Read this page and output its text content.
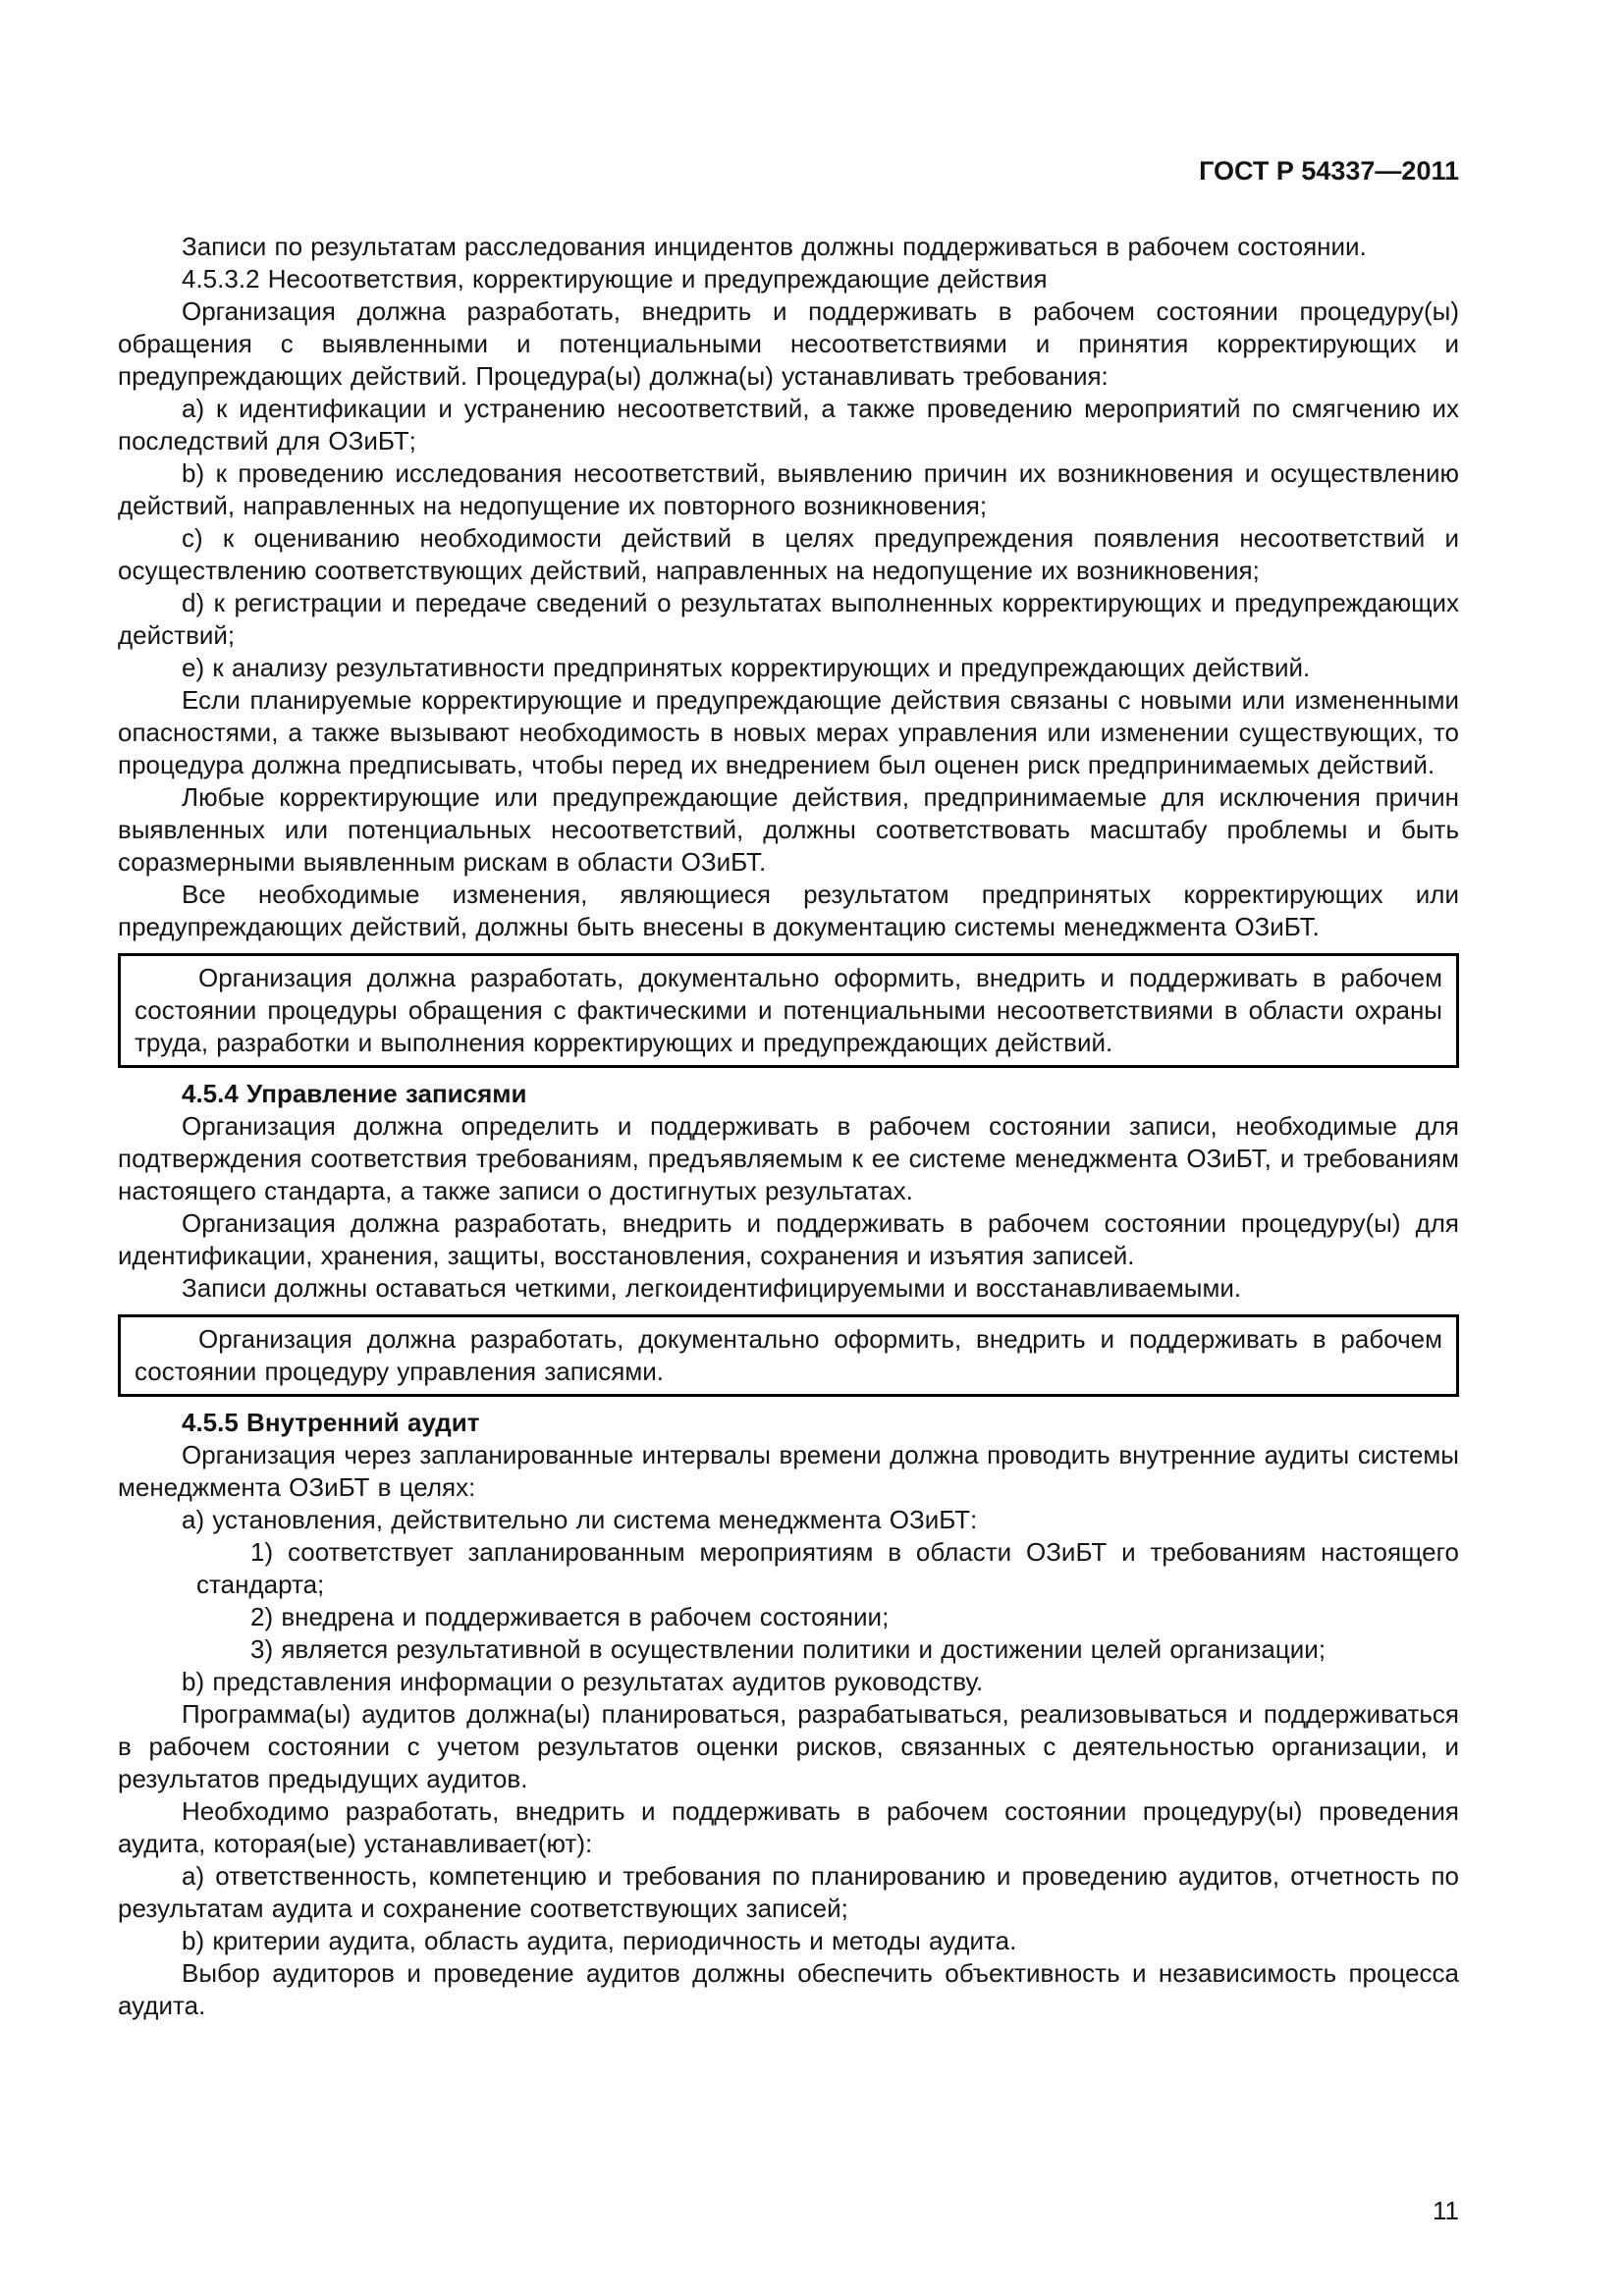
ГОСТ Р 54337—2011

Записи по результатам расследования инцидентов должны поддерживаться в рабочем состоянии.

4.5.3.2 Несоответствия, корректирующие и предупреждающие действия

Организация должна разработать, внедрить и поддерживать в рабочем состоянии процедуру(ы) обращения с выявленными и потенциальными несоответствиями и принятия корректирующих и предупреждающих действий. Процедура(ы) должна(ы) устанавливать требования:

a) к идентификации и устранению несоответствий, а также проведению мероприятий по смягчению их последствий для ОЗиБТ;

b) к проведению исследования несоответствий, выявлению причин их возникновения и осуществлению действий, направленных на недопущение их повторного возникновения;

c) к оцениванию необходимости действий в целях предупреждения появления несоответствий и осуществлению соответствующих действий, направленных на недопущение их возникновения;

d) к регистрации и передаче сведений о результатах выполненных корректирующих и предупреждающих действий;

e) к анализу результативности предпринятых корректирующих и предупреждающих действий.

Если планируемые корректирующие и предупреждающие действия связаны с новыми или измененными опасностями, а также вызывают необходимость в новых мерах управления или изменении существующих, то процедура должна предписывать, чтобы перед их внедрением был оценен риск предпринимаемых действий.

Любые корректирующие или предупреждающие действия, предпринимаемые для исключения причин выявленных или потенциальных несоответствий, должны соответствовать масштабу проблемы и быть соразмерными выявленным рискам в области ОЗиБТ.

Все необходимые изменения, являющиеся результатом предпринятых корректирующих или предупреждающих действий, должны быть внесены в документацию системы менеджмента ОЗиБТ.

Организация должна разработать, документально оформить, внедрить и поддерживать в рабочем состоянии процедуры обращения с фактическими и потенциальными несоответствиями в области охраны труда, разработки и выполнения корректирующих и предупреждающих действий.

4.5.4 Управление записями

Организация должна определить и поддерживать в рабочем состоянии записи, необходимые для подтверждения соответствия требованиям, предъявляемым к ее системе менеджмента ОЗиБТ, и требованиям настоящего стандарта, а также записи о достигнутых результатах.

Организация должна разработать, внедрить и поддерживать в рабочем состоянии процедуру(ы) для идентификации, хранения, защиты, восстановления, сохранения и изъятия записей.

Записи должны оставаться четкими, легкоидентифицируемыми и восстанавливаемыми.

Организация должна разработать, документально оформить, внедрить и поддерживать в рабочем состоянии процедуру управления записями.

4.5.5 Внутренний аудит

Организация через запланированные интервалы времени должна проводить внутренние аудиты системы менеджмента ОЗиБТ в целях:

a) установления, действительно ли система менеджмента ОЗиБТ:

1) соответствует запланированным мероприятиям в области ОЗиБТ и требованиям настоящего стандарта;

2) внедрена и поддерживается в рабочем состоянии;

3) является результативной в осуществлении политики и достижении целей организации;

b) представления информации о результатах аудитов руководству.

Программа(ы) аудитов должна(ы) планироваться, разрабатываться, реализовываться и поддерживаться в рабочем состоянии с учетом результатов оценки рисков, связанных с деятельностью организации, и результатов предыдущих аудитов.

Необходимо разработать, внедрить и поддерживать в рабочем состоянии процедуру(ы) проведения аудита, которая(ые) устанавливает(ют):

a) ответственность, компетенцию и требования по планированию и проведению аудитов, отчетность по результатам аудита и сохранение соответствующих записей;

b) критерии аудита, область аудита, периодичность и методы аудита.

Выбор аудиторов и проведение аудитов должны обеспечить объективность и независимость процесса аудита.

11
